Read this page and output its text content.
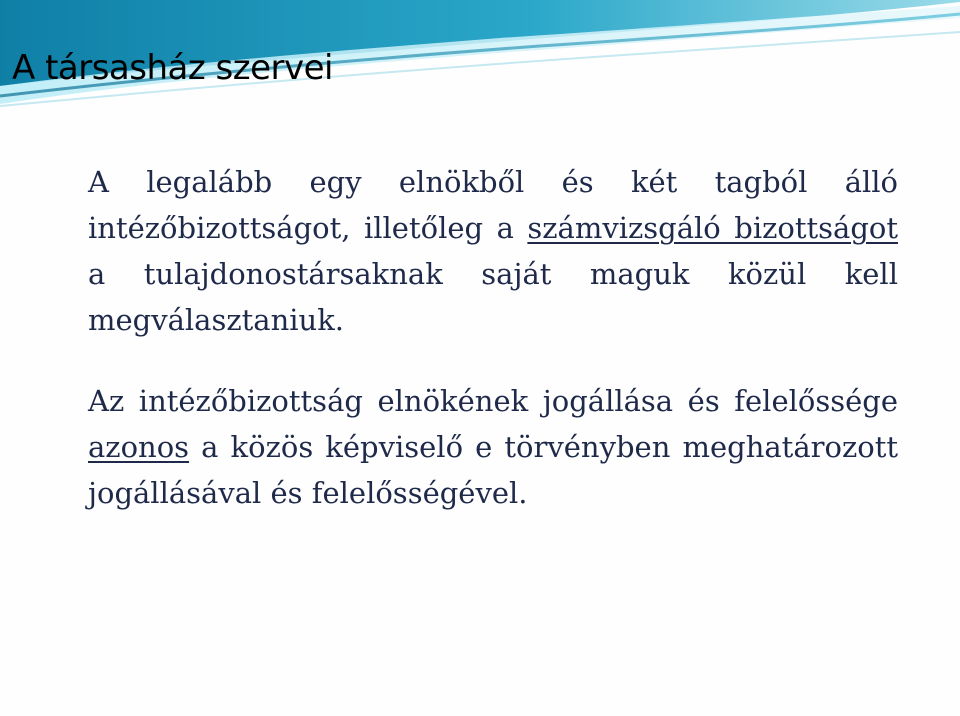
A társasház szervei

A legalább egy elnökből és két tagból álló intézőbizottságot, illetőleg a számvizsgáló bizottságot a tulajdonostársaknak saját maguk közül kell megválasztaniuk.

Az intézőbizottság elnökének jogállása és felelőssége azonos a közös képviselő e törvényben meghatározott jogállásával és felelősségével.
